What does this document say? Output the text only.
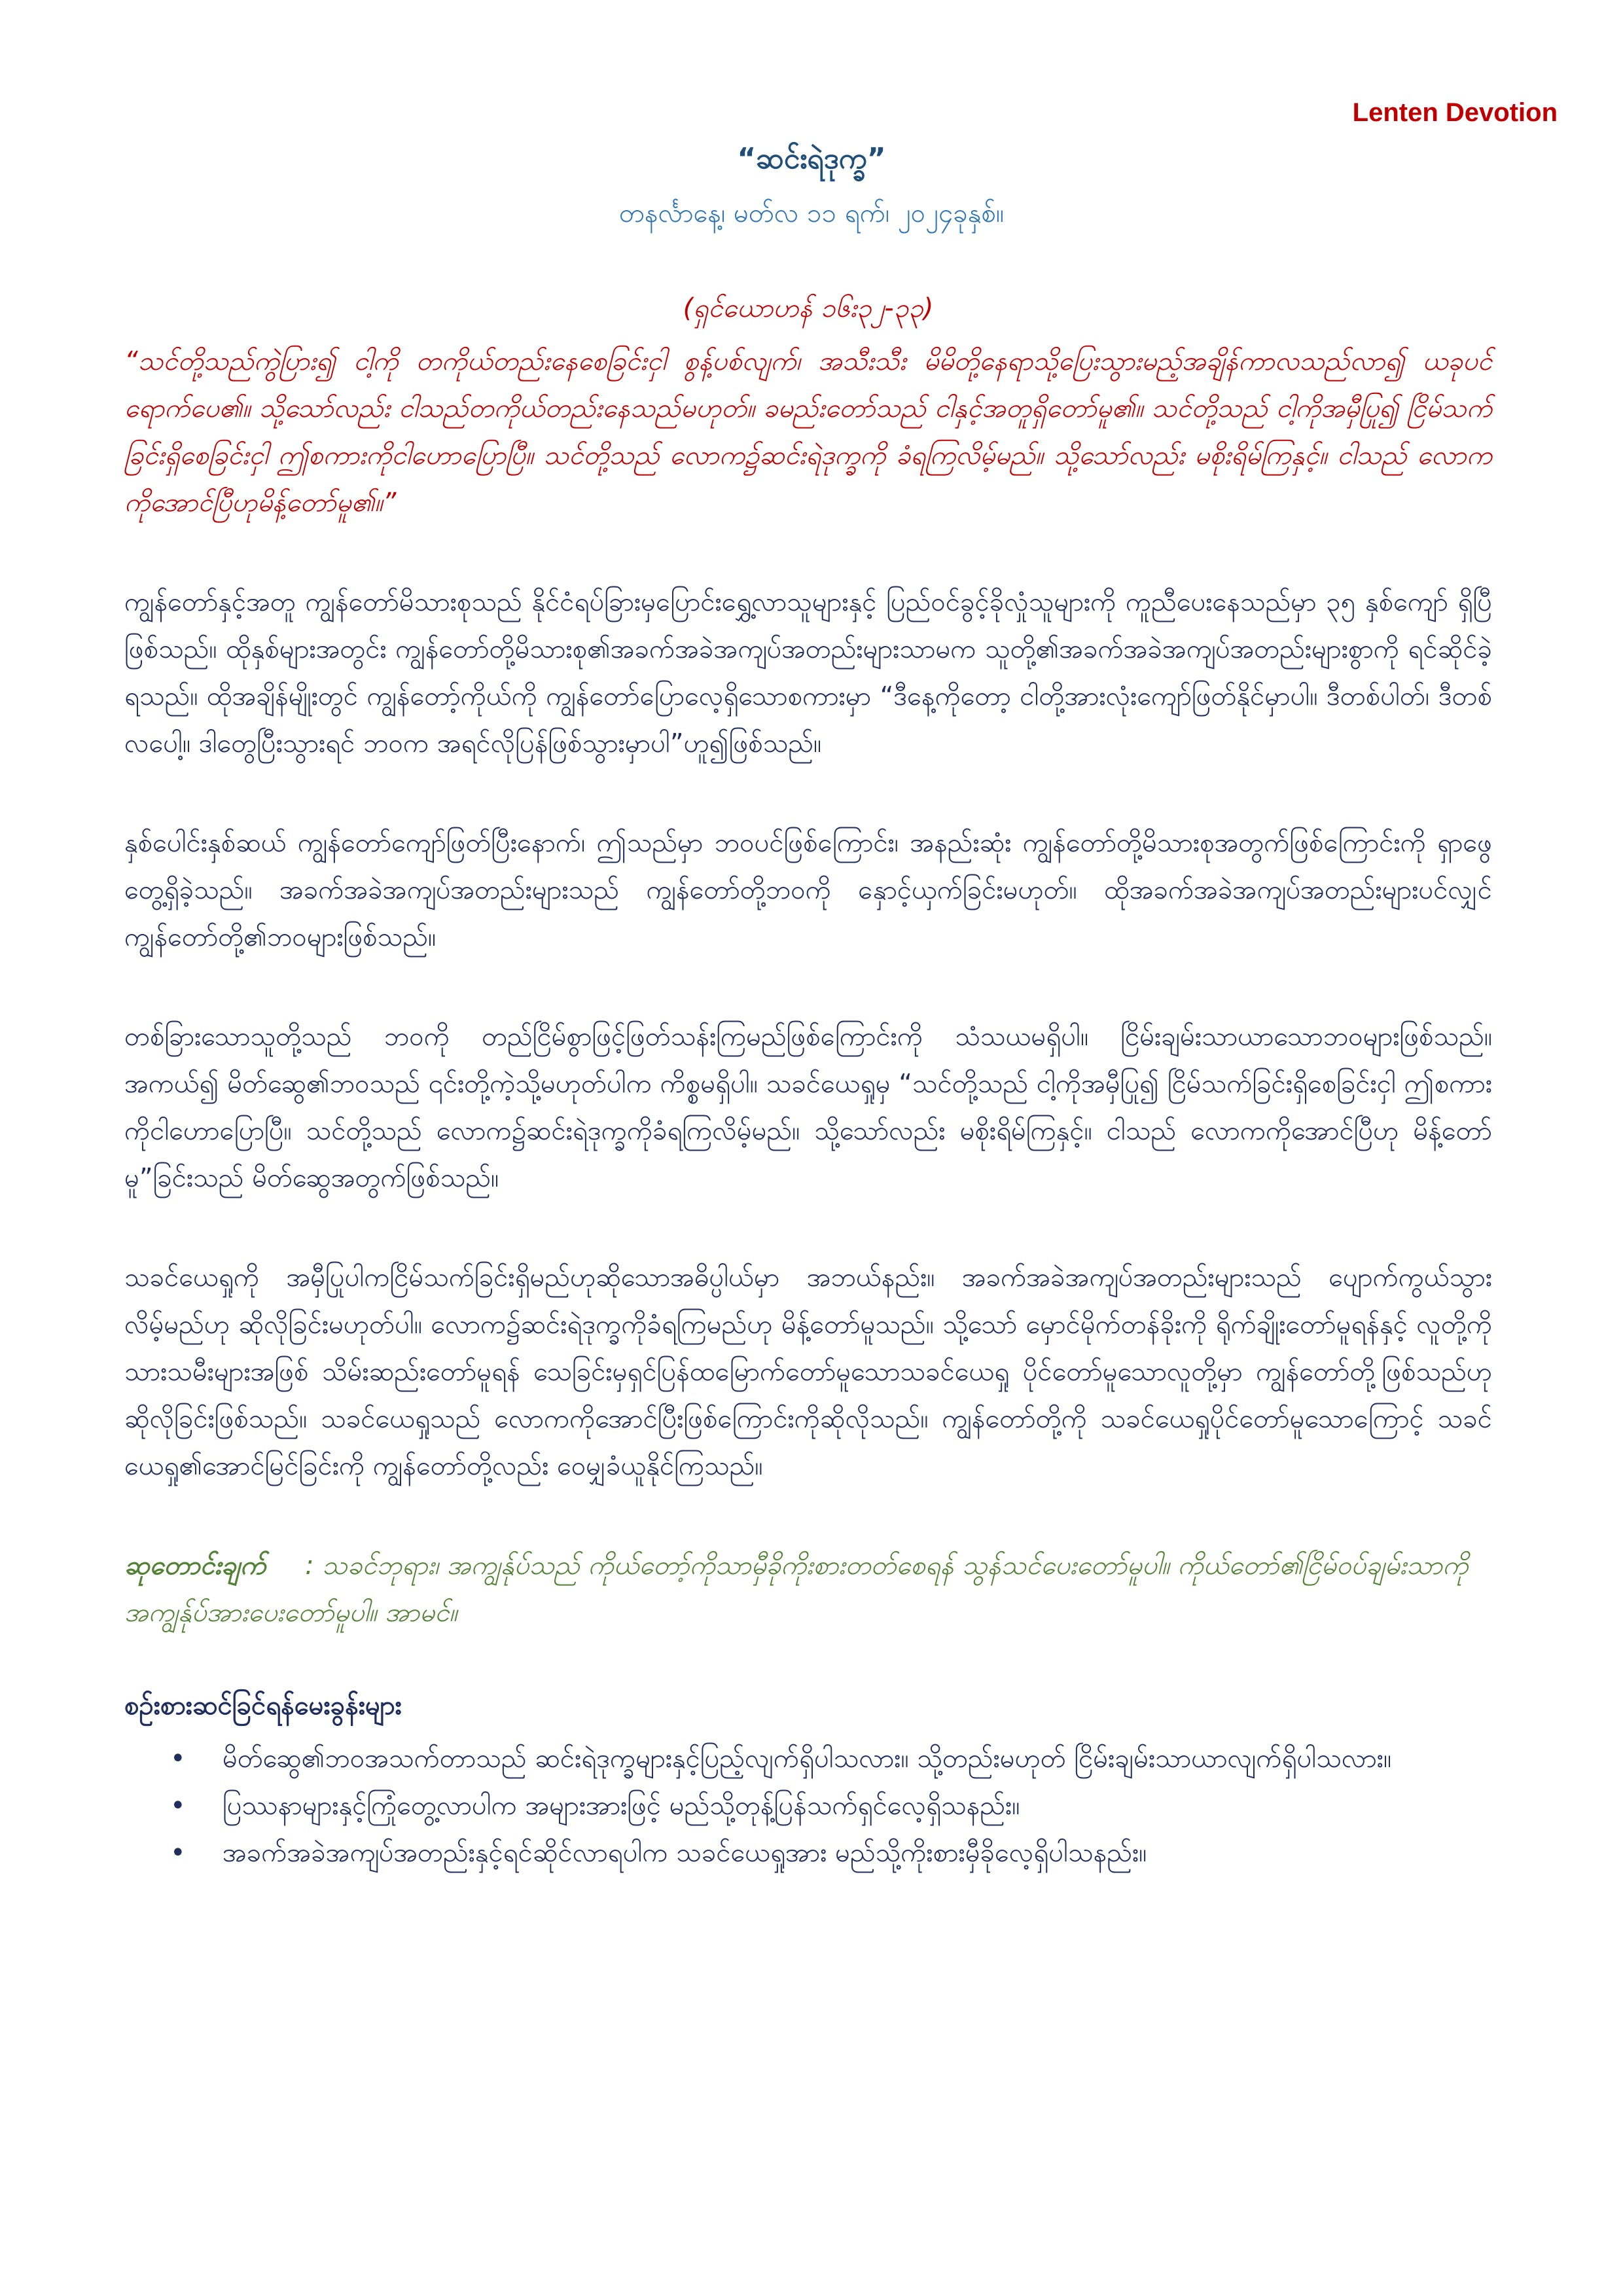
Lenten Devotion
“ဆင်းရဲဒုက္ခ”
တနင်္လာနေ့၊ မတ်လ ၁၁ ရက်၊ ၂၀၂၄ခုနှစ်။
(ရှင်ယောဟန် ၁၆း၃၂-၃၃)
“သင်တို့သည်ကွဲပြား၍ ငါ့ကို တကိုယ်တည်းနေစေခြင်းငှါ စွန့်ပစ်လျက်၊ အသီးသီး မိမိတို့နေရာသို့ပြေးသွားမည့်အချိန်ကာလသည်လာ၍ ယခုပင် ရောက်ပေ၏။ သို့သော်လည်း ငါသည်တကိုယ်တည်းနေသည်မဟုတ်။ ခမည်းတော်သည် ငါနှင့်အတူရှိတော်မူ၏။ သင်တို့သည် ငါ့ကိုအမှီပြု၍ ငြိမ်သက်ခြင်းရှိစေခြင်းငှါ ဤစကားကိုငါဟောပြောပြီ။ သင်တို့သည် လောက၌ဆင်းရဲဒုက္ခကို ခံရကြလိမ့်မည်။ သို့သော်လည်း မစိုးရိမ်ကြနှင့်။ ငါသည် လောကကိုအောင်ပြီဟုမိန့်တော်မူ၏။”
ကျွန်တော်နှင့်အတူ ကျွန်တော်မိသားစုသည် နိုင်ငံရပ်ခြားမှပြောင်းရွှေ့လာသူများနှင့် ပြည်ဝင်ခွင့်ခိုလှုံသူများကို ကူညီပေးနေသည်မှာ ၃၅ နှစ်ကျော် ရှိပြီဖြစ်သည်။ ထိုနှစ်များအတွင်း ကျွန်တော်တို့မိသားစု၏အခက်အခဲအကျပ်အတည်းများသာမက သူတို့၏အခက်အခဲအကျပ်အတည်းများစွာကို ရင်ဆိုင်ခဲ့ရသည်။ ထိုအချိန်မျိုးတွင် ကျွန်တော့်ကိုယ်ကို ကျွန်တော်ပြောလေ့ရှိသောစကားမှာ “ဒီနေ့ကိုတော့ ငါတို့အားလုံးကျော်ဖြတ်နိုင်မှာပါ။ ဒီတစ်ပါတ်၊ ဒီတစ်လပေါ့။ ဒါတွေပြီးသွားရင် ဘဝက အရင်လိုပြန်ဖြစ်သွားမှာပါ”ဟူ၍ဖြစ်သည်။
နှစ်ပေါင်းနှစ်ဆယ် ကျွန်တော်ကျော်ဖြတ်ပြီးနောက်၊ ဤသည်မှာ ဘဝပင်ဖြစ်ကြောင်း၊ အနည်းဆုံး ကျွန်တော်တို့မိသားစုအတွက်ဖြစ်ကြောင်းကို ရှာဖွေတွေ့ရှိခဲ့သည်။ အခက်အခဲအကျပ်အတည်းများသည် ကျွန်တော်တို့ဘဝကို နှောင့်ယှက်ခြင်းမဟုတ်။ ထိုအခက်အခဲအကျပ်အတည်းများပင်လျှင် ကျွန်တော်တို့၏ဘဝများဖြစ်သည်။
တစ်ခြားသောသူတို့သည် ဘဝကို တည်ငြိမ်စွာဖြင့်ဖြတ်သန်းကြမည်ဖြစ်ကြောင်းကို သံသယမရှိပါ။ ငြိမ်းချမ်းသာယာသောဘဝများဖြစ်သည်။ အကယ်၍ မိတ်ဆွေ၏ဘဝသည် ၎င်းတို့ကဲ့သို့မဟုတ်ပါက ကိစ္စမရှိပါ။ သခင်ယေရှုမှ “သင်တို့သည် ငါ့ကိုအမှီပြု၍ ငြိမ်သက်ခြင်းရှိစေခြင်းငှါ ဤစကား ကိုငါဟောပြောပြီ။ သင်တို့သည် လောက၌ဆင်းရဲဒုက္ခကိုခံရကြလိမ့်မည်။ သို့သော်လည်း မစိုးရိမ်ကြနှင့်။ ငါသည် လောကကိုအောင်ပြီဟု မိန့်တော်မူ”ခြင်းသည် မိတ်ဆွေအတွက်ဖြစ်သည်။
သခင်ယေရှုကို အမှီပြုပါကငြိမ်သက်ခြင်းရှိမည်ဟုဆိုသောအဓိပ္ပါယ်မှာ အဘယ်နည်း။ အခက်အခဲအကျပ်အတည်းများသည် ပျောက်ကွယ်သွားလိမ့်မည်ဟု ဆိုလိုခြင်းမဟုတ်ပါ။ လောက၌ဆင်းရဲဒုက္ခကိုခံရကြမည်ဟု မိန့်တော်မူသည်။ သို့သော် မှောင်မိုက်တန်ခိုးကို ရိုက်ချိုးတော်မူရန်နှင့် လူတို့ကို သားသမီးများအဖြစ် သိမ်းဆည်းတော်မူရန် သေခြင်းမှရှင်ပြန်ထမြောက်တော်မူသောသခင်ယေရှု ပိုင်တော်မူသောလူတို့မှာ ကျွန်တော်တို့ဖြစ်သည်ဟု ဆိုလိုခြင်းဖြစ်သည်။ သခင်ယေရှုသည် လောကကိုအောင်ပြီးဖြစ်ကြောင်းကိုဆိုလိုသည်။ ကျွန်တော်တို့ကို သခင်ယေရှုပိုင်တော်မူသောကြောင့် သခင် ယေရှု၏အောင်မြင်ခြင်းကို ကျွန်တော်တို့လည်း ဝေမျှခံယူနိုင်ကြသည်။
ဆုတောင်းချက် : သခင်ဘုရား၊ အကျွန်ုပ်သည် ကိုယ်တော့်ကိုသာမှီခိုကိုးစားတတ်စေရန် သွန်သင်ပေးတော်မူပါ။ ကိုယ်တော်၏ငြိမ်ဝပ်ချမ်းသာကို အကျွန်ုပ်အားပေးတော်မူပါ။ အာမင်။
စဉ်းစားဆင်ခြင်ရန်မေးခွန်းများ
• မိတ်ဆွေ၏ဘဝအသက်တာသည် ဆင်းရဲဒုက္ခများနှင့်ပြည့်လျက်ရှိပါသလား။ သို့တည်းမဟုတ် ငြိမ်းချမ်းသာယာလျက်ရှိပါသလား။
• ပြဿနာများနှင့်ကြုံတွေ့လာပါက အများအားဖြင့် မည်သို့တုန့်ပြန်သက်ရှင်လေ့ရှိသနည်း။
• အခက်အခဲအကျပ်အတည်းနှင့်ရင်ဆိုင်လာရပါက သခင်ယေရှုအား မည်သို့ကိုးစားမှီခိုလေ့ရှိပါသနည်း။
